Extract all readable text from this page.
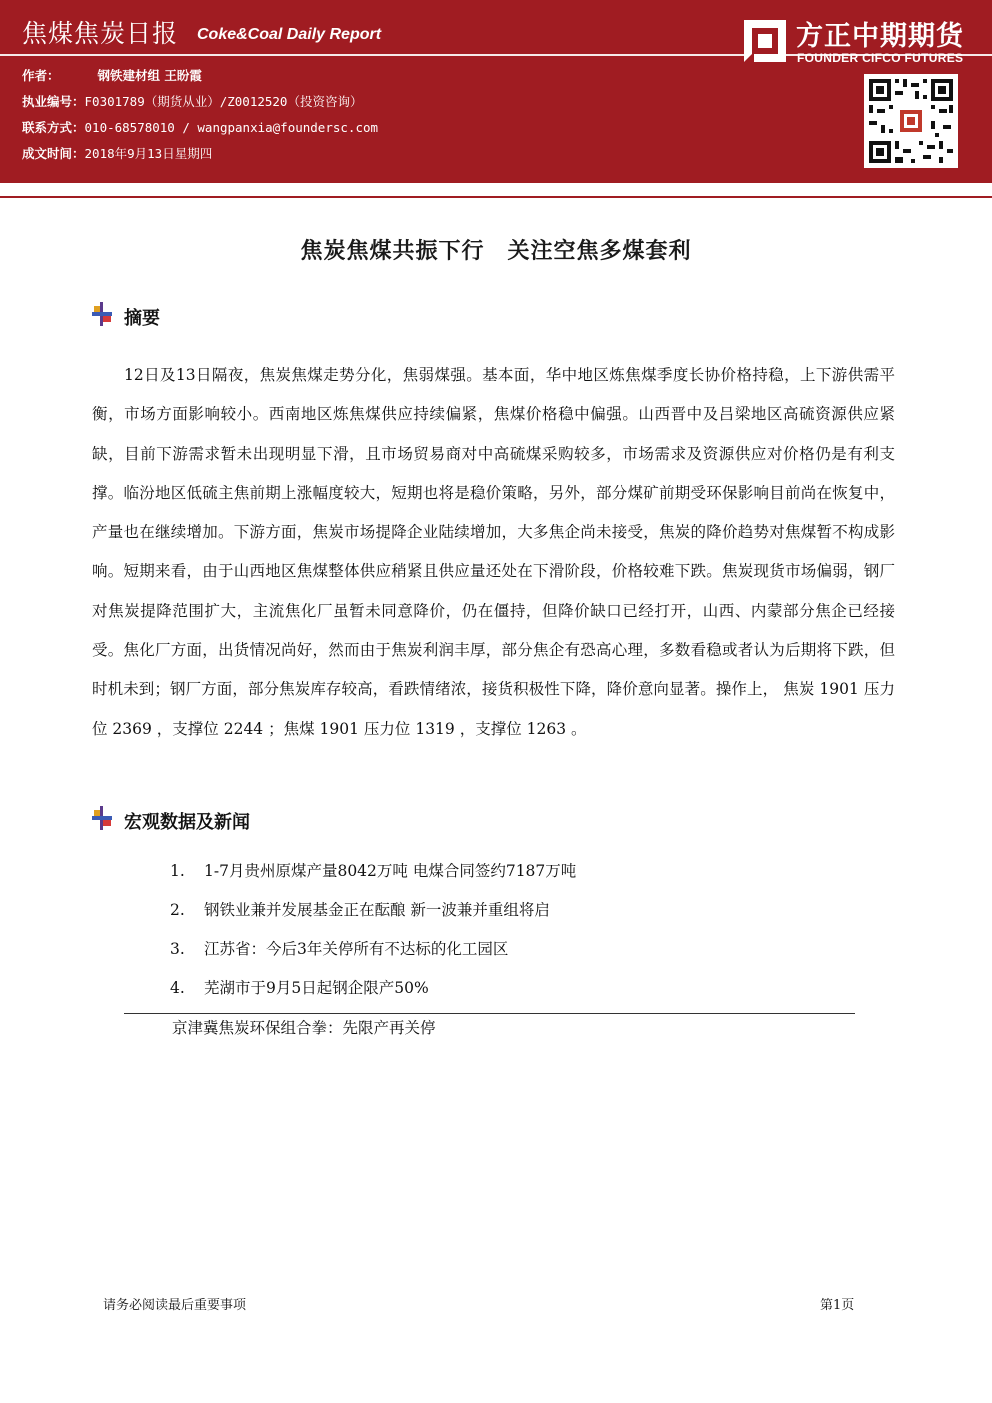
焦煤焦炭日报 Coke&Coal Daily Report
作者：	钢铁建材组 王盼霞
执业编号：F0301789（期货从业）/Z0012520（投资咨询）
联系方式：010-68578010 / wangpanxia@foundersc.com
成文时间：2018年9月13日星期四
方正中期期货
FOUNDER CIFCO FUTURES
焦炭焦煤共振下行　关注空焦多煤套利
摘要
12日及13日隔夜，焦炭焦煤走势分化，焦弱煤强。基本面，华中地区炼焦煤季度长协价格持稳，上下游供需平衡，市场方面影响较小。西南地区炼焦煤供应持续偏紧，焦煤价格稳中偏强。山西晋中及吕梁地区高硫资源供应紧缺，目前下游需求暂未出现明显下滑，且市场贸易商对中高硫煤采购较多，市场需求及资源供应对价格仍是有利支撑。临汾地区低硫主焦前期上涨幅度较大，短期也将是稳价策略，另外，部分煤矿前期受环保影响目前尚在恢复中，产量也在继续增加。下游方面，焦炭市场提降企业陆续增加，大多焦企尚未接受，焦炭的降价趋势对焦煤暂不构成影响。短期来看，由于山西地区焦煤整体供应稍紧且供应量还处在下滑阶段，价格较难下跌。焦炭现货市场偏弱，钢厂对焦炭提降范围扩大，主流焦化厂虽暂未同意降价，仍在僵持，但降价缺口已经打开，山西、内蒙部分焦企已经接受。焦化厂方面，出货情况尚好，然而由于焦炭利润丰厚，部分焦企有恐高心理，多数看稳或者认为后期将下跌，但时机未到；钢厂方面，部分焦炭库存较高，看跌情绪浓，接货积极性下降，降价意向显著。操作上， 焦炭 1901 压力位 2369 ，支撑位 2244 ；焦煤 1901 压力位 1319 ，支撑位 1263 。
宏观数据及新闻
1. 1-7月贵州原煤产量8042万吨 电煤合同签约7187万吨
2. 钢铁业兼并发展基金正在酝酿 新一波兼并重组将启
3. 江苏省：今后3年关停所有不达标的化工园区
4. 芜湖市于9月5日起钢企限产50%
京津冀焦炭环保组合拳：先限产再关停
请务必阅读最后重要事项	第1页
